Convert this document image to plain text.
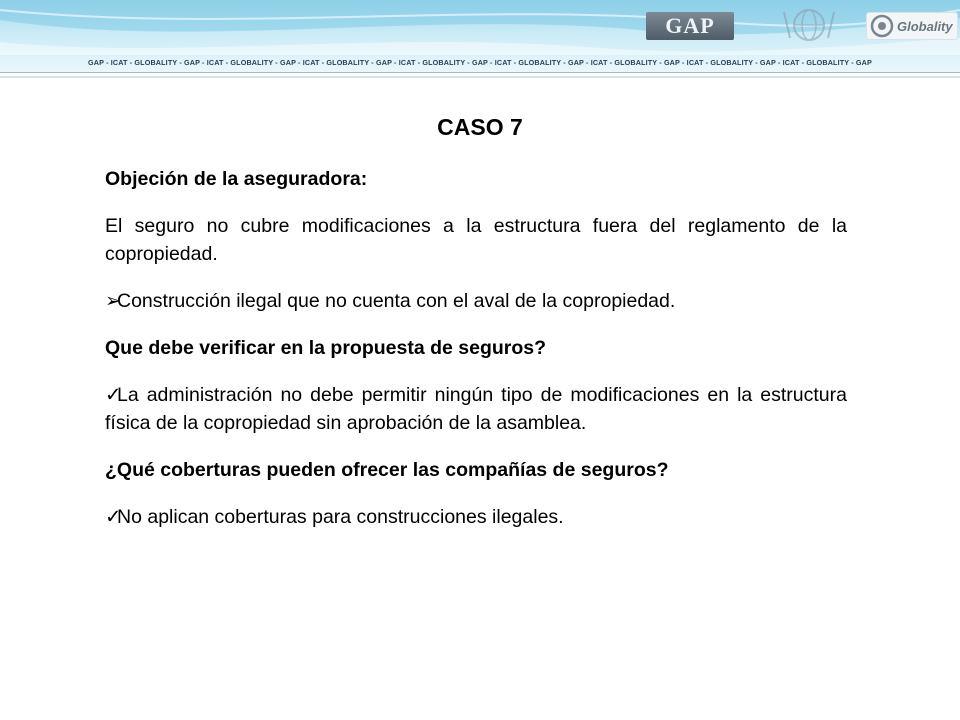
GAP	Globality
GAP - ICAT - GLOBALITY - GAP - ICAT - GLOBALITY - GAP - ICAT - GLOBALITY - GAP - ICAT - GLOBALITY - GAP - ICAT - GLOBALITY - GAP - ICAT - GLOBALITY - GAP - ICAT - GLOBALITY - GAP - ICAT - GLOBALITY - GAP
CASO 7

Objeción de la aseguradora:

El seguro no cubre modificaciones a la estructura fuera del reglamento de la copropiedad.

➢Construcción ilegal que no cuenta con el aval de la copropiedad.

Que debe verificar en la propuesta de seguros?

✓La administración no debe permitir ningún tipo de modificaciones en la estructura física de la copropiedad sin aprobación de la asamblea.

¿Qué coberturas pueden ofrecer las compañías de seguros?

✓No aplican coberturas para construcciones ilegales.
